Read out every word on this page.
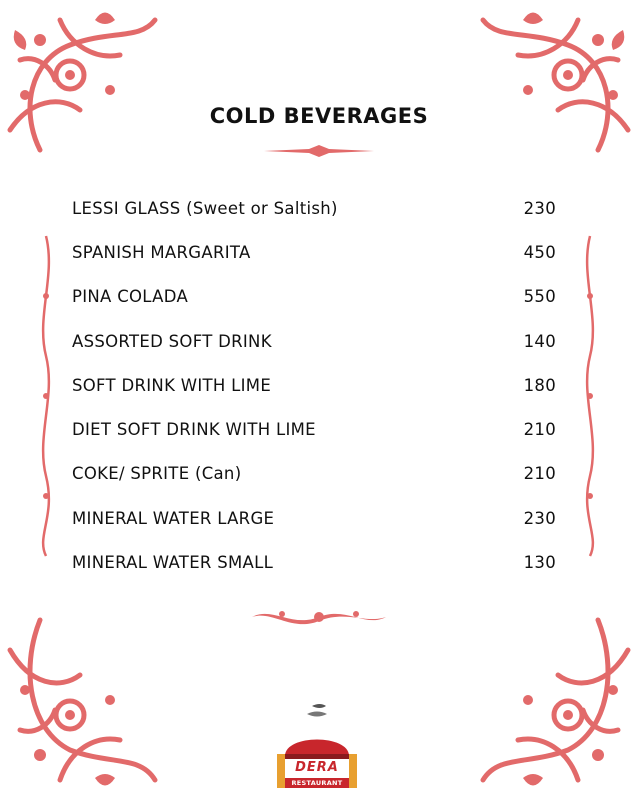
COLD BEVERAGES
LESSI GLASS (Sweet or Saltish)	230
SPANISH MARGARITA	450
PINA COLADA	550
ASSORTED SOFT DRINK	140
SOFT DRINK WITH LIME	180
DIET SOFT DRINK WITH LIME	210
COKE/ SPRITE (Can)	210
MINERAL WATER LARGE	230
MINERAL WATER SMALL	130
DERA
RESTAURANT
